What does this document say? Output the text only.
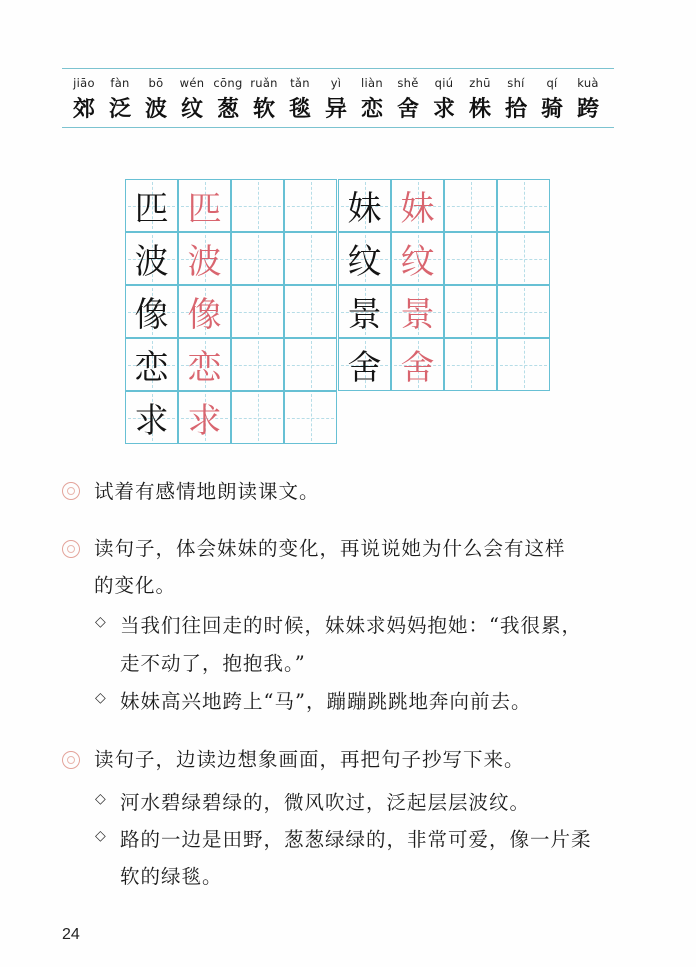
jiāo
郊
fàn
泛
bō
波
wén
纹
cōng
葱
ruǎn
软
tǎn
毯
yì
异
liàn
恋
shě
舍
qiú
求
zhū
株
shí
拾
qí
骑
kuà
跨
匹 匹
波 波
像 像
恋 恋
求 求
妹 妹
纹 纹
景 景
舍 舍
试着有感情地朗读课文。
读句子，体会妹妹的变化，再说说她为什么会有这样
的变化。
◇ 当我们往回走的时候，妹妹求妈妈抱她：“我很累，
走不动了，抱抱我。”
◇ 妹妹高兴地跨上“马”，蹦蹦跳跳地奔向前去。
读句子，边读边想象画面，再把句子抄写下来。
◇ 河水碧绿碧绿的，微风吹过，泛起层层波纹。
◇ 路的一边是田野，葱葱绿绿的，非常可爱，像一片柔
软的绿毯。
24
